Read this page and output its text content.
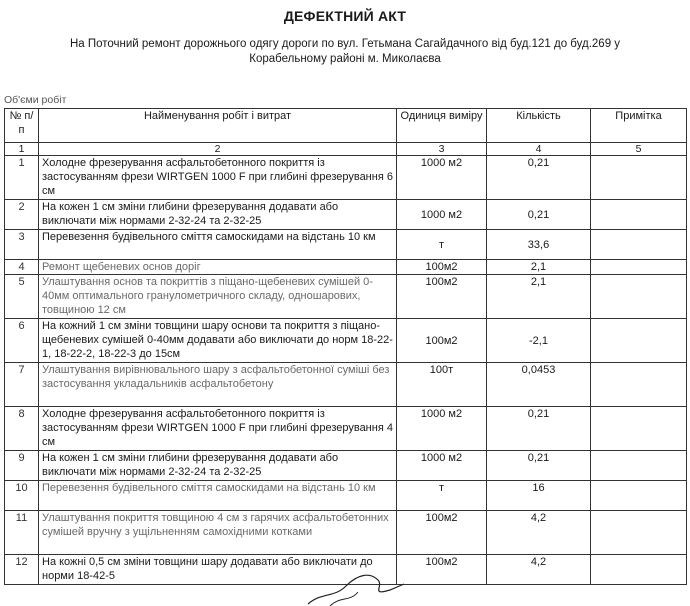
ДЕФЕКТНИЙ АКТ
На Поточний ремонт дорожнього одягу дороги по вул. Гетьмана Сагайдачного від буд.121 до буд.269 у
Корабельному районі м. Миколаєва
Об'єми робіт
№ п/п	Найменування робіт і витрат	Одиниця виміру	Кількість	Примітка
1	2	3	4	5
1	Холодне фрезерування асфальтобетонного покриття із застосуванням фрези WIRTGEN 1000 F при глибині фрезерування 6 см	1000 м2	0,21	
2	На кожен 1 см зміни глибини фрезерування додавати або виключати між нормами 2-32-24 та 2-32-25	1000 м2	0,21	
3	Перевезення будівельного сміття самоскидами на відстань 10 км	т	33,6	
4	Ремонт щебеневих основ доріг	100м2	2,1	
5	Улаштування основ та покриттів з піщано-щебеневих сумішей 0-40мм оптимального гранулометричного складу, одношарових, товщиною 12 см	100м2	2,1	
6	На кожний 1 см зміни товщини шару основи та покриття з піщано-щебеневих сумішей 0-40мм додавати або виключати до норм 18-22-1, 18-22-2, 18-22-3 до 15см	100м2	-2,1	
7	Улаштування вирівнювального шару з асфальтобетонної суміші без застосування укладальників асфальтобетону	100т	0,0453	
8	Холодне фрезерування асфальтобетонного покриття із застосуванням фрези WIRTGEN 1000 F при глибині фрезерування 4 см	1000 м2	0,21	
9	На кожен 1 см зміни глибини фрезерування додавати або виключати між нормами 2-32-24 та 2-32-25	1000 м2	0,21	
10	Перевезення будівельного сміття самоскидами на відстань 10 км	т	16	
11	Улаштування покриття товщиною 4 см з гарячих асфальтобетонних сумішей вручну з ущільненням самохідними котками	100м2	4,2	
12	На кожні 0,5 см зміни товщини шару додавати або виключати до норми 18-42-5	100м2	4,2	
